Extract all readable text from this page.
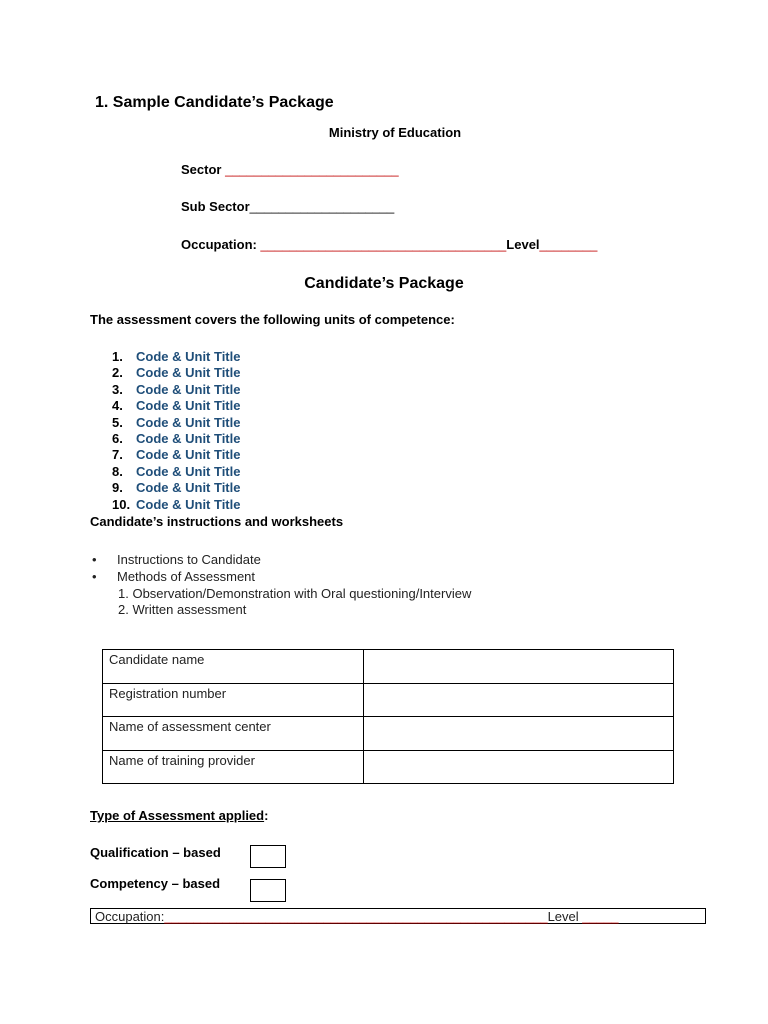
1. Sample Candidate’s Package
Ministry of Education
Sector ________________________
Sub Sector____________________
Occupation: __________________________________Level________
Candidate’s Package
The assessment covers the following units of competence:
1. Code & Unit Title
2. Code & Unit Title
3. Code & Unit Title
4. Code & Unit Title
5. Code & Unit Title
6. Code & Unit Title
7. Code & Unit Title
8. Code & Unit Title
9. Code & Unit Title
10. Code & Unit Title
Candidate’s instructions and worksheets
• Instructions to Candidate
• Methods of Assessment
1. Observation/Demonstration with Oral questioning/Interview
2. Written assessment
Candidate name	
Registration number	
Name of assessment center	
Name of training provider	
Type of Assessment applied:
Qualification – based
Competency – based
Occupation:_____________________________________________________Level _____
